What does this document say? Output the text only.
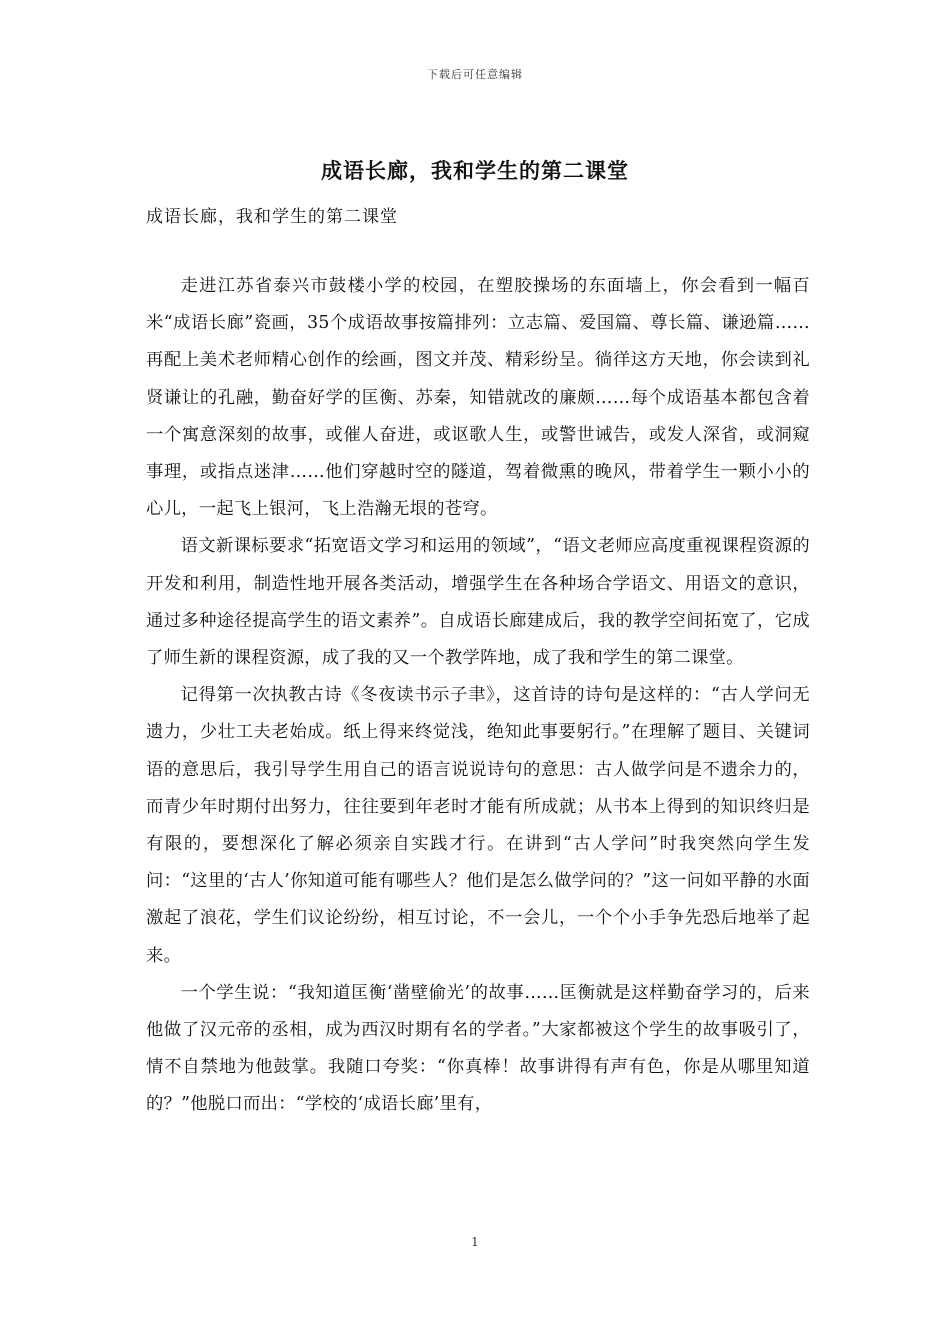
下载后可任意编辑
成语长廊，我和学生的第二课堂
成语长廊，我和学生的第二课堂

走进江苏省泰兴市鼓楼小学的校园，在塑胶操场的东面墙上，你会看到一幅百米“成语长廊”瓷画，35个成语故事按篇排列：立志篇、爱国篇、尊长篇、谦逊篇……再配上美术老师精心创作的绘画，图文并茂、精彩纷呈。徜徉这方天地，你会读到礼贤谦让的孔融，勤奋好学的匡衡、苏秦，知错就改的廉颇……每个成语基本都包含着一个寓意深刻的故事，或催人奋进，或讴歌人生，或警世诫告，或发人深省，或洞窥事理，或指点迷津……他们穿越时空的隧道，驾着微熏的晚风，带着学生一颗小小的心儿，一起飞上银河，飞上浩瀚无垠的苍穹。

语文新课标要求“拓宽语文学习和运用的领域”，“语文老师应高度重视课程资源的开发和利用，制造性地开展各类活动，增强学生在各种场合学语文、用语文的意识，通过多种途径提高学生的语文素养”。自成语长廊建成后，我的教学空间拓宽了，它成了师生新的课程资源，成了我的又一个教学阵地，成了我和学生的第二课堂。

记得第一次执教古诗《冬夜读书示子聿》，这首诗的诗句是这样的：“古人学问无遗力，少壮工夫老始成。纸上得来终觉浅，绝知此事要躬行。”在理解了题目、关键词语的意思后，我引导学生用自己的语言说说诗句的意思：古人做学问是不遗余力的，而青少年时期付出努力，往往要到年老时才能有所成就；从书本上得到的知识终归是有限的，要想深化了解必须亲自实践才行。在讲到“古人学问”时我突然向学生发问：“这里的‘古人’你知道可能有哪些人？他们是怎么做学问的？”这一问如平静的水面激起了浪花，学生们议论纷纷，相互讨论，不一会儿，一个个小手争先恐后地举了起来。

一个学生说：“我知道匡衡‘凿壁偷光’的故事……匡衡就是这样勤奋学习的，后来他做了汉元帝的丞相，成为西汉时期有名的学者。”大家都被这个学生的故事吸引了，情不自禁地为他鼓掌。我随口夸奖：“你真棒！故事讲得有声有色，你是从哪里知道的？”他脱口而出：“学校的‘成语长廊’里有，

1
